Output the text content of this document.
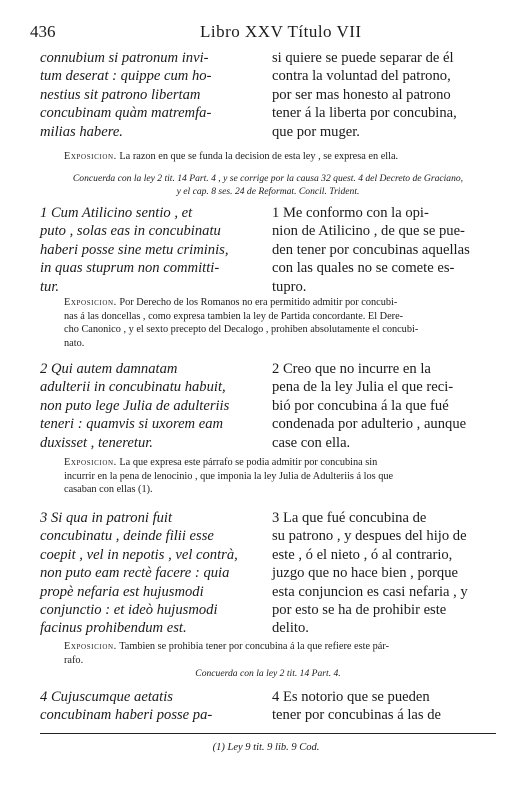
436	Libro XXV Título VII

connubium si patronum invi-
tum deserat : quippe cum ho-
nestius sit patrono libertam
concubinam quàm matremfa-
milias habere.

si quiere se puede separar de él
contra la voluntad del patrono,
por ser mas honesto al patrono
tener á la liberta por concubina,
que por muger.

Exposicion. La razon en que se funda la decision de esta ley , se expresa en ella.
Concuerda con la ley 2 tit. 14 Part. 4 , y se corrige por la causa 32 quest. 4 del Decreto de Graciano,
y el cap. 8 ses. 24 de Reformat. Concil. Trident.

1 Cum Atilicino sentio , et
puto , solas eas in concubinatu
haberi posse sine metu criminis,
in quas stuprum non committi-
tur.

1 Me conformo con la opi-
nion de Atilicino , de que se pue-
den tener por concubinas aquellas
con las quales no se comete es-
tupro.

Exposicion. Por Derecho de los Romanos no era permitido admitir por concubi-
nas á las doncellas , como expresa tambien la ley de Partida concordante. El Dere-
cho Canonico , y el sexto precepto del Decalogo , prohiben absolutamente el concubi-
nato.

2 Qui autem damnatam
adulterii in concubinatu habuit,
non puto lege Julia de adulteriis
teneri : quamvis si uxorem eam
duxisset , teneretur.

2 Creo que no incurre en la
pena de la ley Julia el que reci-
bió por concubina á la que fué
condenada por adulterio , aunque
case con ella.

Exposicion. La que expresa este párrafo se podia admitir por concubina sin
incurrir en la pena de lenocinio , que imponia la ley Julia de Adulteriis á los que
casaban con ellas (1).

3 Si qua in patroni fuit
concubinatu , deinde filii esse
coepit , vel in nepotis , vel contrà,
non puto eam rectè facere : quia
propè nefaria est hujusmodi
conjunctio : et ideò hujusmodi
facinus prohibendum est.

3 La que fué concubina de
su patrono , y despues del hijo de
este , ó el nieto , ó al contrario,
juzgo que no hace bien , porque
esta conjuncion es casi nefaria , y
por esto se ha de prohibir este
delito.

Exposicion. Tambien se prohibia tener por concubina á la que refiere este pár-
rafo.
Concuerda con la ley 2 tit. 14 Part. 4.

4 Cujuscumque aetatis
concubinam haberi posse pa-

4 Es notorio que se pueden
tener por concubinas á las de

(1) Ley 9 tit. 9 lib. 9 Cod.
